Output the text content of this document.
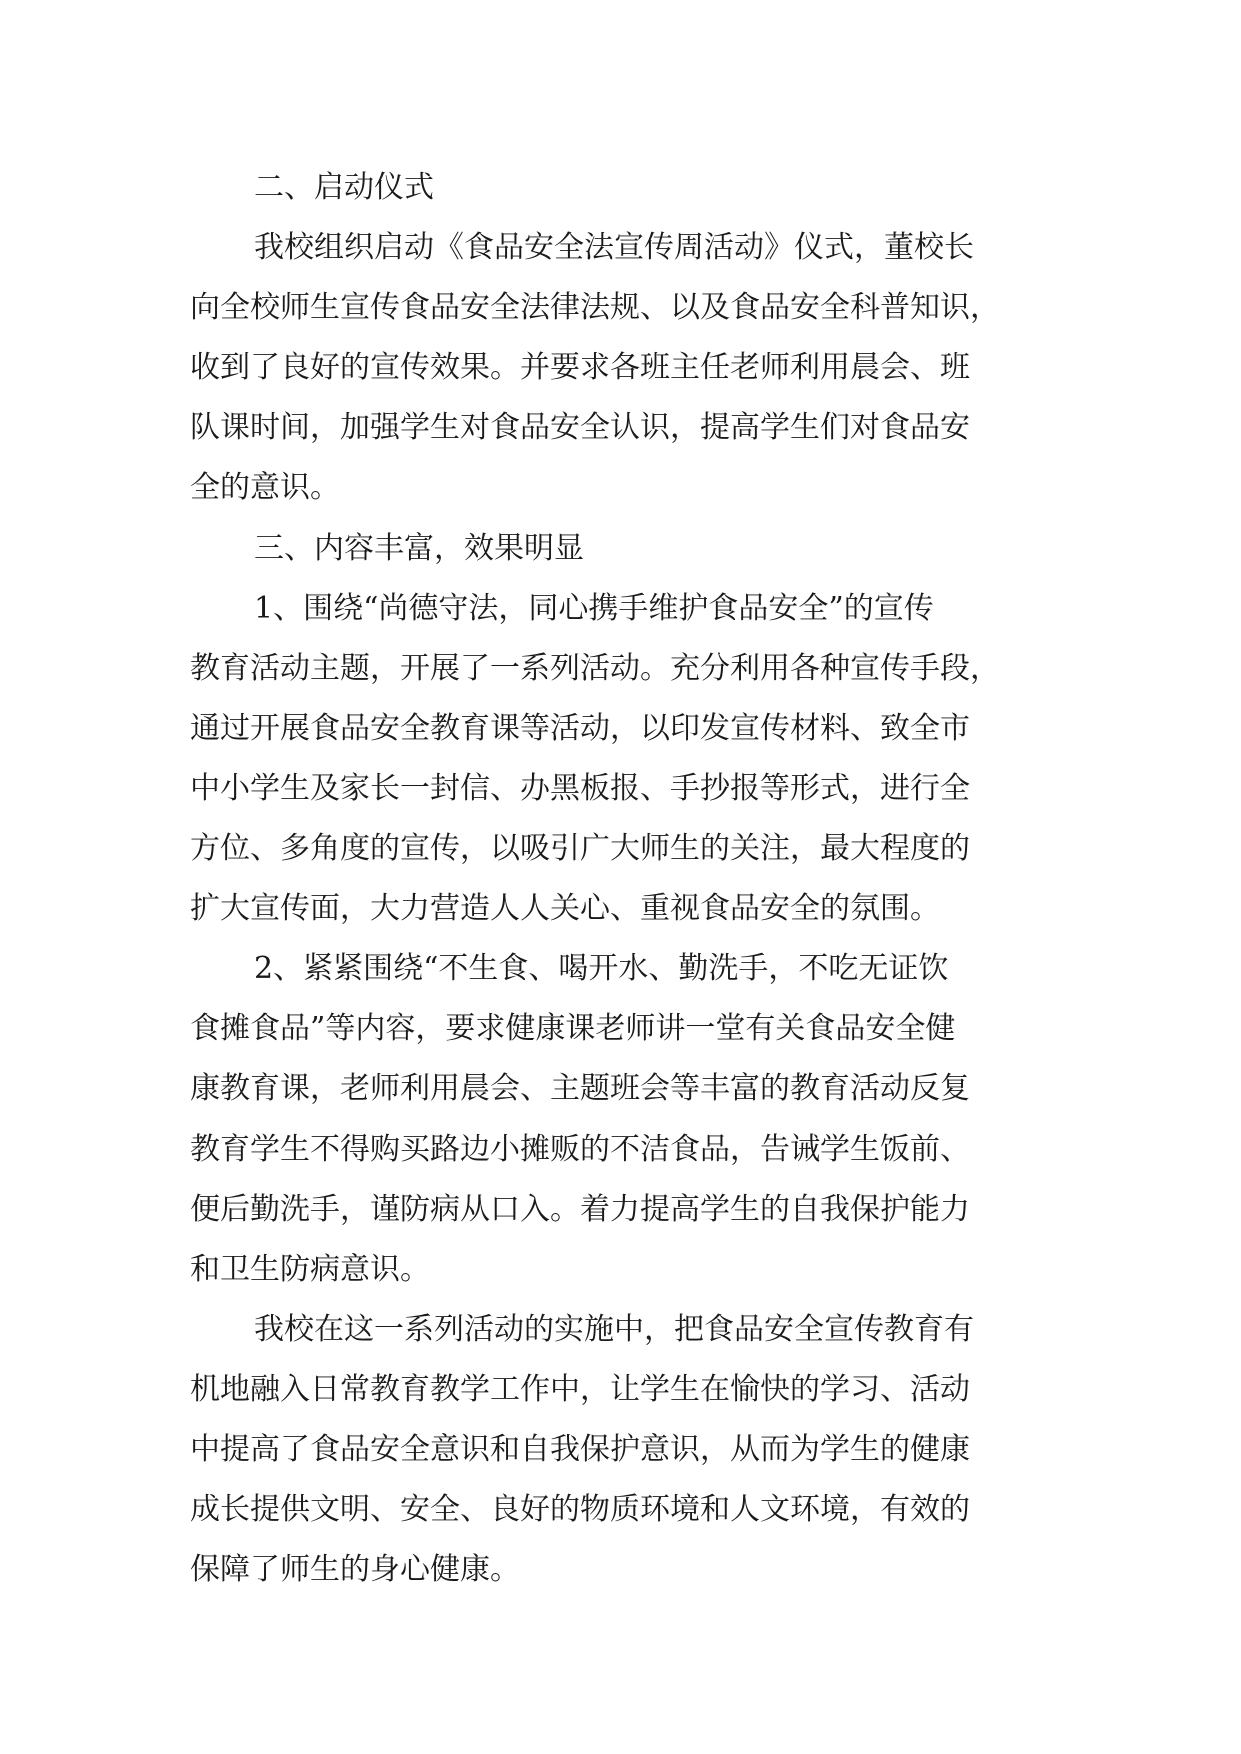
二、启动仪式
我校组织启动《食品安全法宣传周活动》仪式，董校长
向全校师生宣传食品安全法律法规、以及食品安全科普知识，
收到了良好的宣传效果。并要求各班主任老师利用晨会、班
队课时间，加强学生对食品安全认识，提高学生们对食品安
全的意识。
三、内容丰富，效果明显
1、围绕“尚德守法，同心携手维护食品安全”的宣传
教育活动主题，开展了一系列活动。充分利用各种宣传手段，
通过开展食品安全教育课等活动，以印发宣传材料、致全市
中小学生及家长一封信、办黑板报、手抄报等形式，进行全
方位、多角度的宣传，以吸引广大师生的关注，最大程度的
扩大宣传面，大力营造人人关心、重视食品安全的氛围。
2、紧紧围绕“不生食、喝开水、勤洗手，不吃无证饮
食摊食品”等内容，要求健康课老师讲一堂有关食品安全健
康教育课，老师利用晨会、主题班会等丰富的教育活动反复
教育学生不得购买路边小摊贩的不洁食品，告诫学生饭前、
便后勤洗手，谨防病从口入。着力提高学生的自我保护能力
和卫生防病意识。
我校在这一系列活动的实施中，把食品安全宣传教育有
机地融入日常教育教学工作中，让学生在愉快的学习、活动
中提高了食品安全意识和自我保护意识，从而为学生的健康
成长提供文明、安全、良好的物质环境和人文环境，有效的
保障了师生的身心健康。
